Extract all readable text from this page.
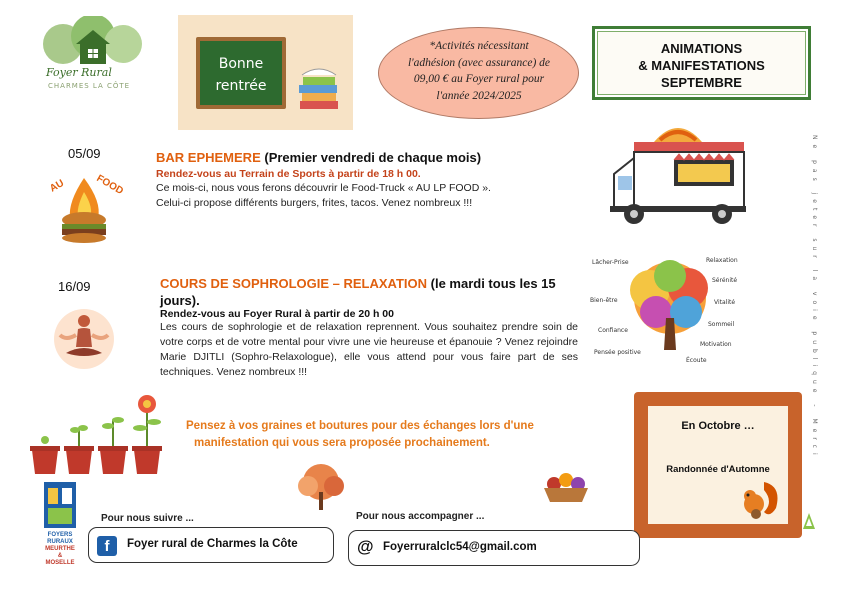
Foyer Rural
CHARMES LA CÔTE
Bonne
rentrée
*Activités nécessitant
l'adhésion (avec assurance) de
09,00 € au Foyer rural pour
l'année 2024/2025
ANIMATIONS
& MANIFESTATIONS
SEPTEMBRE
05/09
AU	FOOD
BAR EPHEMERE (Premier vendredi de chaque mois)
Rendez-vous au Terrain de Sports à partir de 18 h 00.
Ce mois-ci, nous vous ferons découvrir le Food-Truck « AU LP FOOD ».
Celui-ci propose différents burgers, frites, tacos. Venez nombreux !!!
16/09	COURS DE SOPHROLOGIE – RELAXATION (le mardi tous les 15 jours).
Rendez-vous au Foyer Rural à partir de 20 h 00
Les cours de sophrologie et de relaxation reprennent. Vous souhaitez prendre soin de votre corps et de votre mental pour vivre une vie heureuse et épanouie ? Venez rejoindre Marie DJITLI (Sophro-Relaxologue), elle vous attend pour vous faire part de ses techniques. Venez nombreux !!!
Lâcher-Prise	Relaxation
Sérénité
Bien-être	Vitalité
Confiance
Sommeil
Pensée positive
Motivation
Écoute	Ne pas jeter sur la voie publique - Merci
Pensez à vos graines et boutures pour des échanges lors d'une
manifestation qui vous sera proposée prochainement.
En Octobre …
Randonnée d'Automne
FOYERS
RURAUX
MEURTHE
&
MOSELLE
Pour nous suivre ...
f	Foyer rural de Charmes la Côte
Pour nous accompagner ...
@ Foyerruralclc54@gmail.com
